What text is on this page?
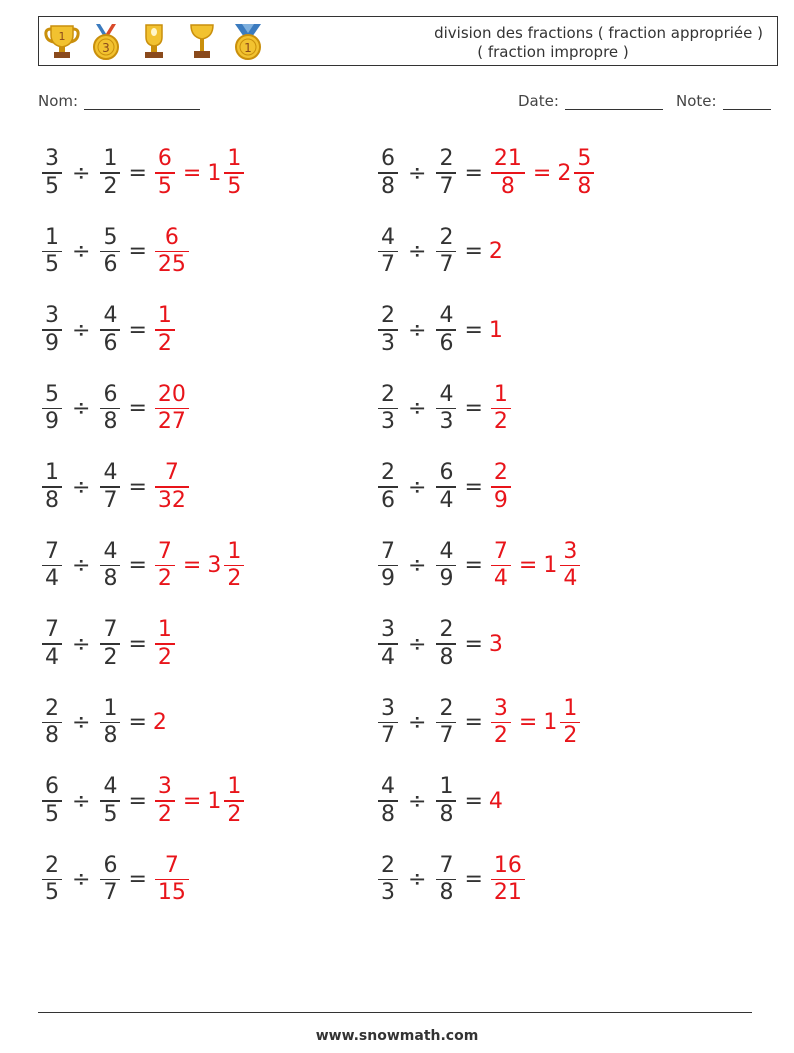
1
3	1
division des fractions ( fraction appropriée )
( fraction impropre )
Nom:	Date:	Note:
$\frac{3}{5} \div \frac{1}{2} = \frac{6}{5} = 1 \frac{1}{5}$	$\frac{6}{8} \div \frac{2}{7} = \frac{21}{8} = 2 \frac{5}{8}$
$\frac{1}{5} \div \frac{5}{6} = \frac{6}{25}$	$\frac{4}{7} \div \frac{2}{7} = 2$
$\frac{3}{9} \div \frac{4}{6} = \frac{1}{2}$	$\frac{2}{3} \div \frac{4}{6} = 1$
$\frac{5}{9} \div \frac{6}{8} = \frac{20}{27}$	$\frac{2}{3} \div \frac{4}{3} = \frac{1}{2}$
$\frac{1}{8} \div \frac{4}{7} = \frac{7}{32}$	$\frac{2}{6} \div \frac{6}{4} = \frac{2}{9}$
$\frac{7}{4} \div \frac{4}{8} = \frac{7}{2} = 3 \frac{1}{2}$	$\frac{7}{9} \div \frac{4}{9} = \frac{7}{4} = 1 \frac{3}{4}$
$\frac{7}{4} \div \frac{7}{2} = \frac{1}{2}$	$\frac{3}{4} \div \frac{2}{8} = 3$
$\frac{2}{8} \div \frac{1}{8} = 2$	$\frac{3}{7} \div \frac{2}{7} = \frac{3}{2} = 1 \frac{1}{2}$
$\frac{6}{5} \div \frac{4}{5} = \frac{3}{2} = 1 \frac{1}{2}$	$\frac{4}{8} \div \frac{1}{8} = 4$
$\frac{2}{5} \div \frac{6}{7} = \frac{7}{15}$	$\frac{2}{3} \div \frac{7}{8} = \frac{16}{21}$
www.snowmath.com
